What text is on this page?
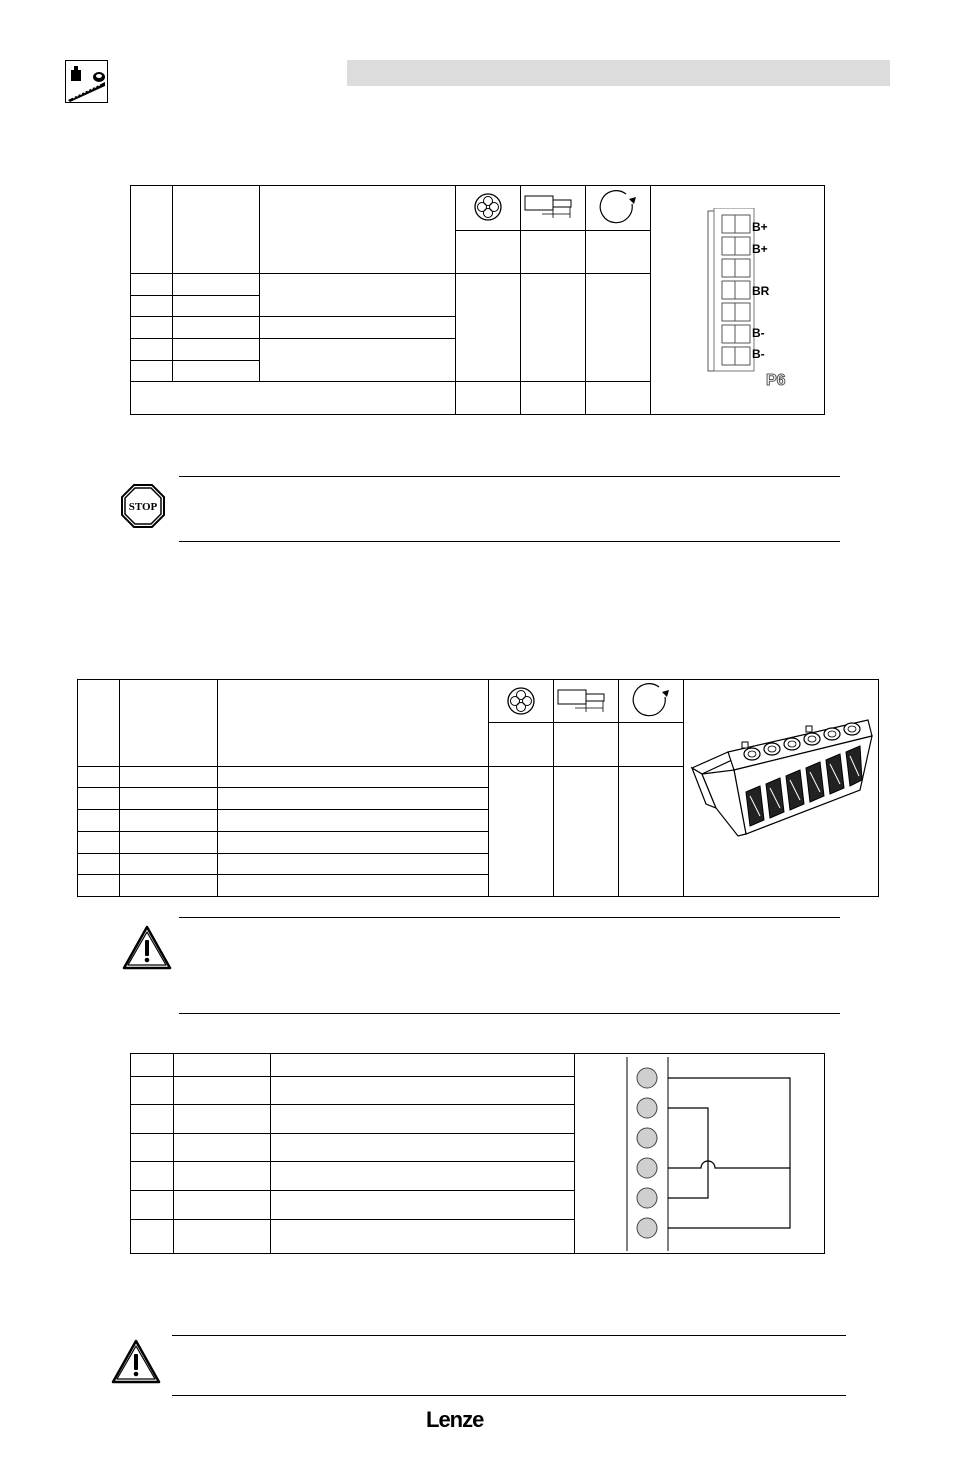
B+
B+
BR
B-
B-
P6
STOP
Lenze
